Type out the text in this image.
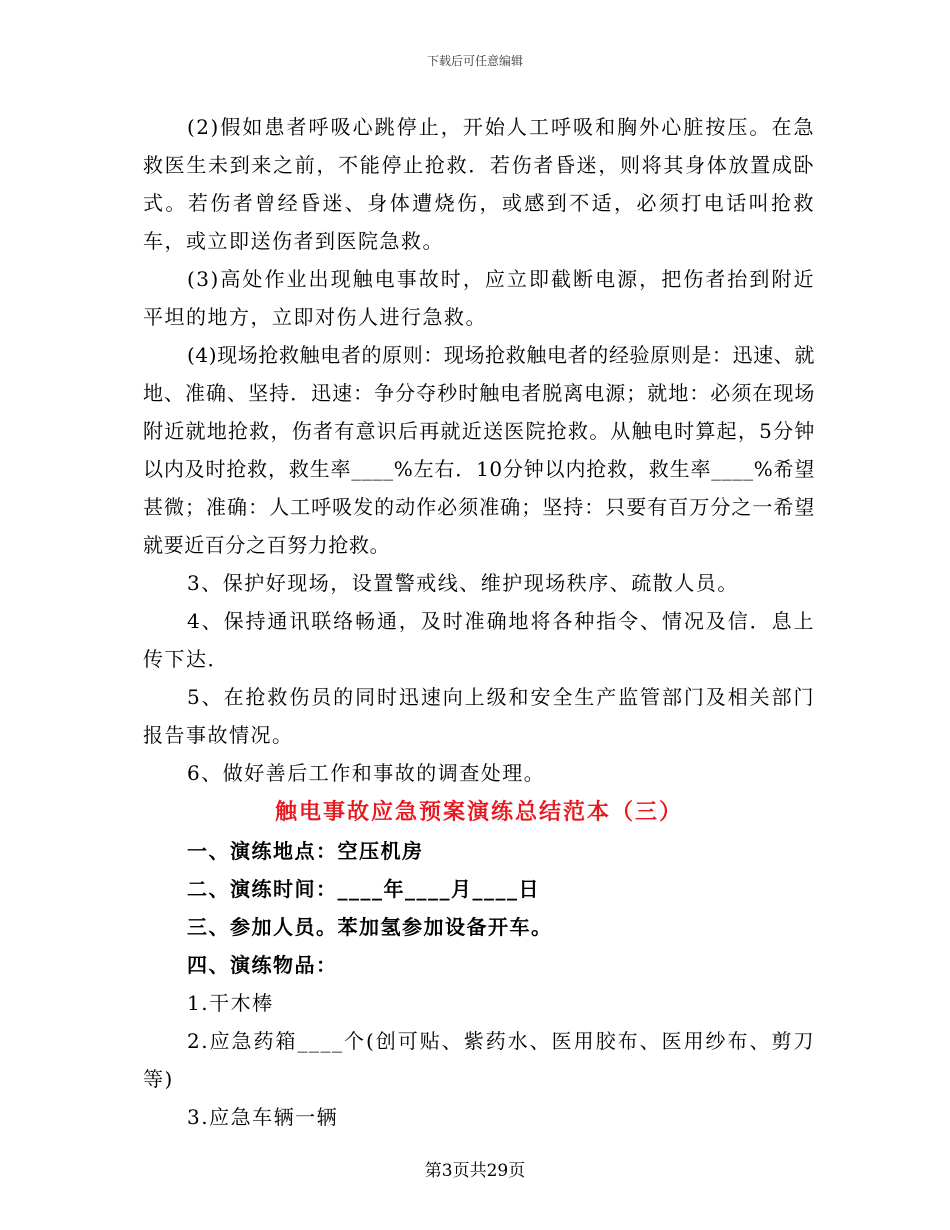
下载后可任意编辑

(2)假如患者呼吸心跳停止，开始人工呼吸和胸外心脏按压。在急救医生未到来之前，不能停止抢救．若伤者昏迷，则将其身体放置成卧式。若伤者曾经昏迷、身体遭烧伤，或感到不适，必须打电话叫抢救车，或立即送伤者到医院急救。

(3)高处作业出现触电事故时，应立即截断电源，把伤者抬到附近平坦的地方，立即对伤人进行急救。

(4)现场抢救触电者的原则：现场抢救触电者的经验原则是：迅速、就地、准确、坚持．迅速：争分夺秒时触电者脱离电源；就地：必须在现场附近就地抢救，伤者有意识后再就近送医院抢救。从触电时算起，5分钟以内及时抢救，救生率____%左右．10分钟以内抢救，救生率____%希望甚微；准确：人工呼吸发的动作必须准确；坚持：只要有百万分之一希望就要近百分之百努力抢救。

3、保护好现场，设置警戒线、维护现场秩序、疏散人员。

4、保持通讯联络畅通，及时准确地将各种指令、情况及信．息上传下达．

5、在抢救伤员的同时迅速向上级和安全生产监管部门及相关部门报告事故情况。

6、做好善后工作和事故的调查处理。

触电事故应急预案演练总结范本（三）

一、演练地点：空压机房

二、演练时间：____年____月____日

三、参加人员。苯加氢参加设备开车。

四、演练物品：

1.干木棒

2.应急药箱____个(创可贴、紫药水、医用胶布、医用纱布、剪刀等)

3.应急车辆一辆

第3页共29页
